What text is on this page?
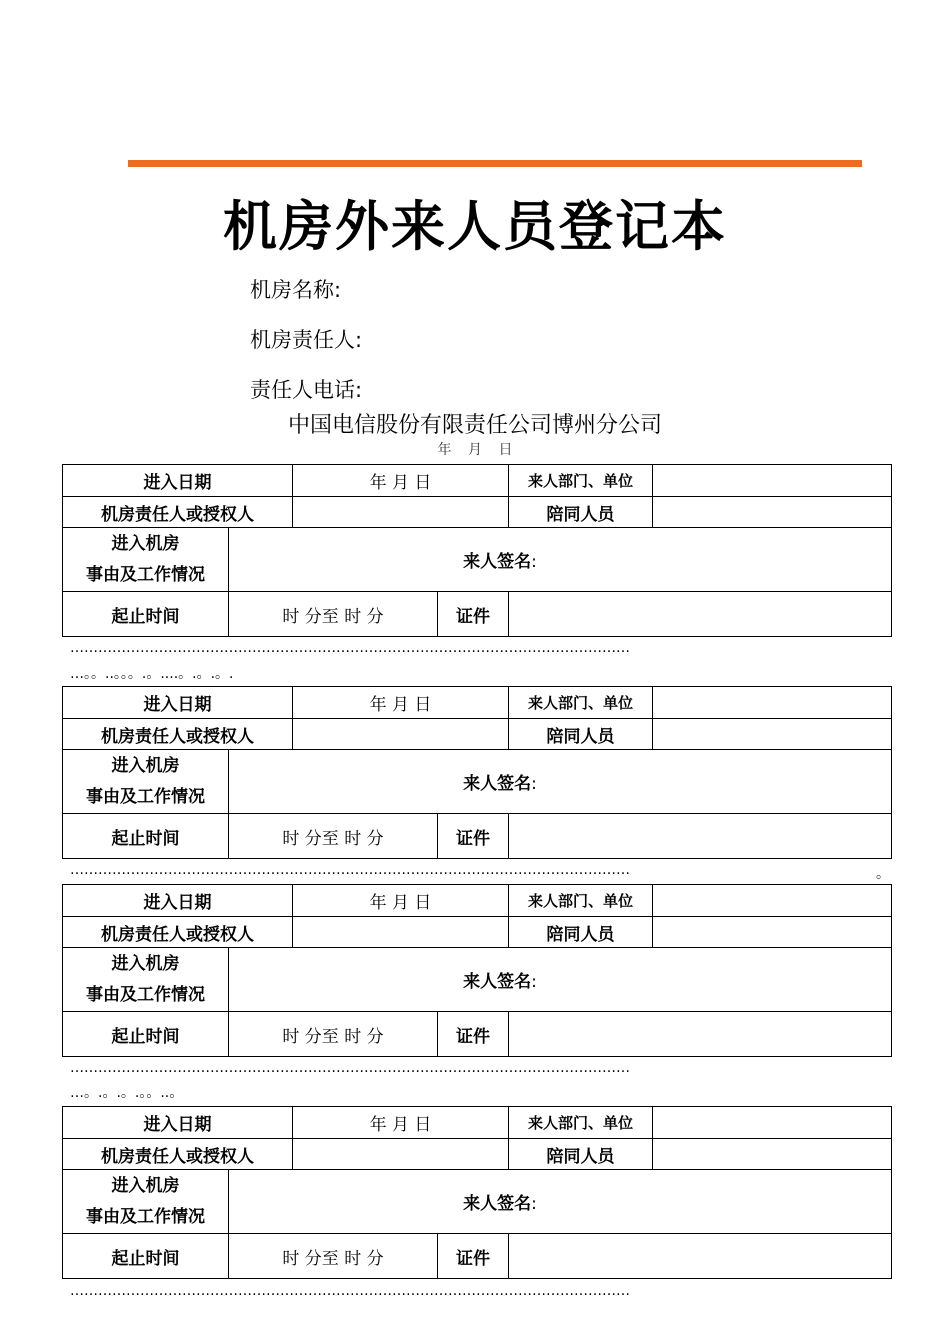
机房外来人员登记本
机房名称:
机房责任人:
责任人电话:
中国电信股份有限责任公司博州分公司
年 月 日
进入日期		年 月 日		来人部门、单位	
机房责任人或授权人				陪同人员	

进入机房
事由及工作情况	来人签名:				
起止时间	时 分至 时 分		证件		
…………………………………………………………………………………………………………
…。。..。。。.。....。.。.。.
进入日期		年 月 日		来人部门、单位	
机房责任人或授权人				陪同人员	

进入机房
事由及工作情况	来人签名:				
起止时间	时 分至 时 分		证件		
…………………………………………………………………………………………………………	。
进入日期		年 月 日		来人部门、单位	
机房责任人或授权人				陪同人员	

进入机房
事由及工作情况	来人签名:				
起止时间	时 分至 时 分		证件		
…………………………………………………………………………………………………………
…。.。.。.。。..。
进入日期		年 月 日		来人部门、单位	
机房责任人或授权人				陪同人员	

进入机房
事由及工作情况	来人签名:				
起止时间	时 分至 时 分		证件		
…………………………………………………………………………………………………………
